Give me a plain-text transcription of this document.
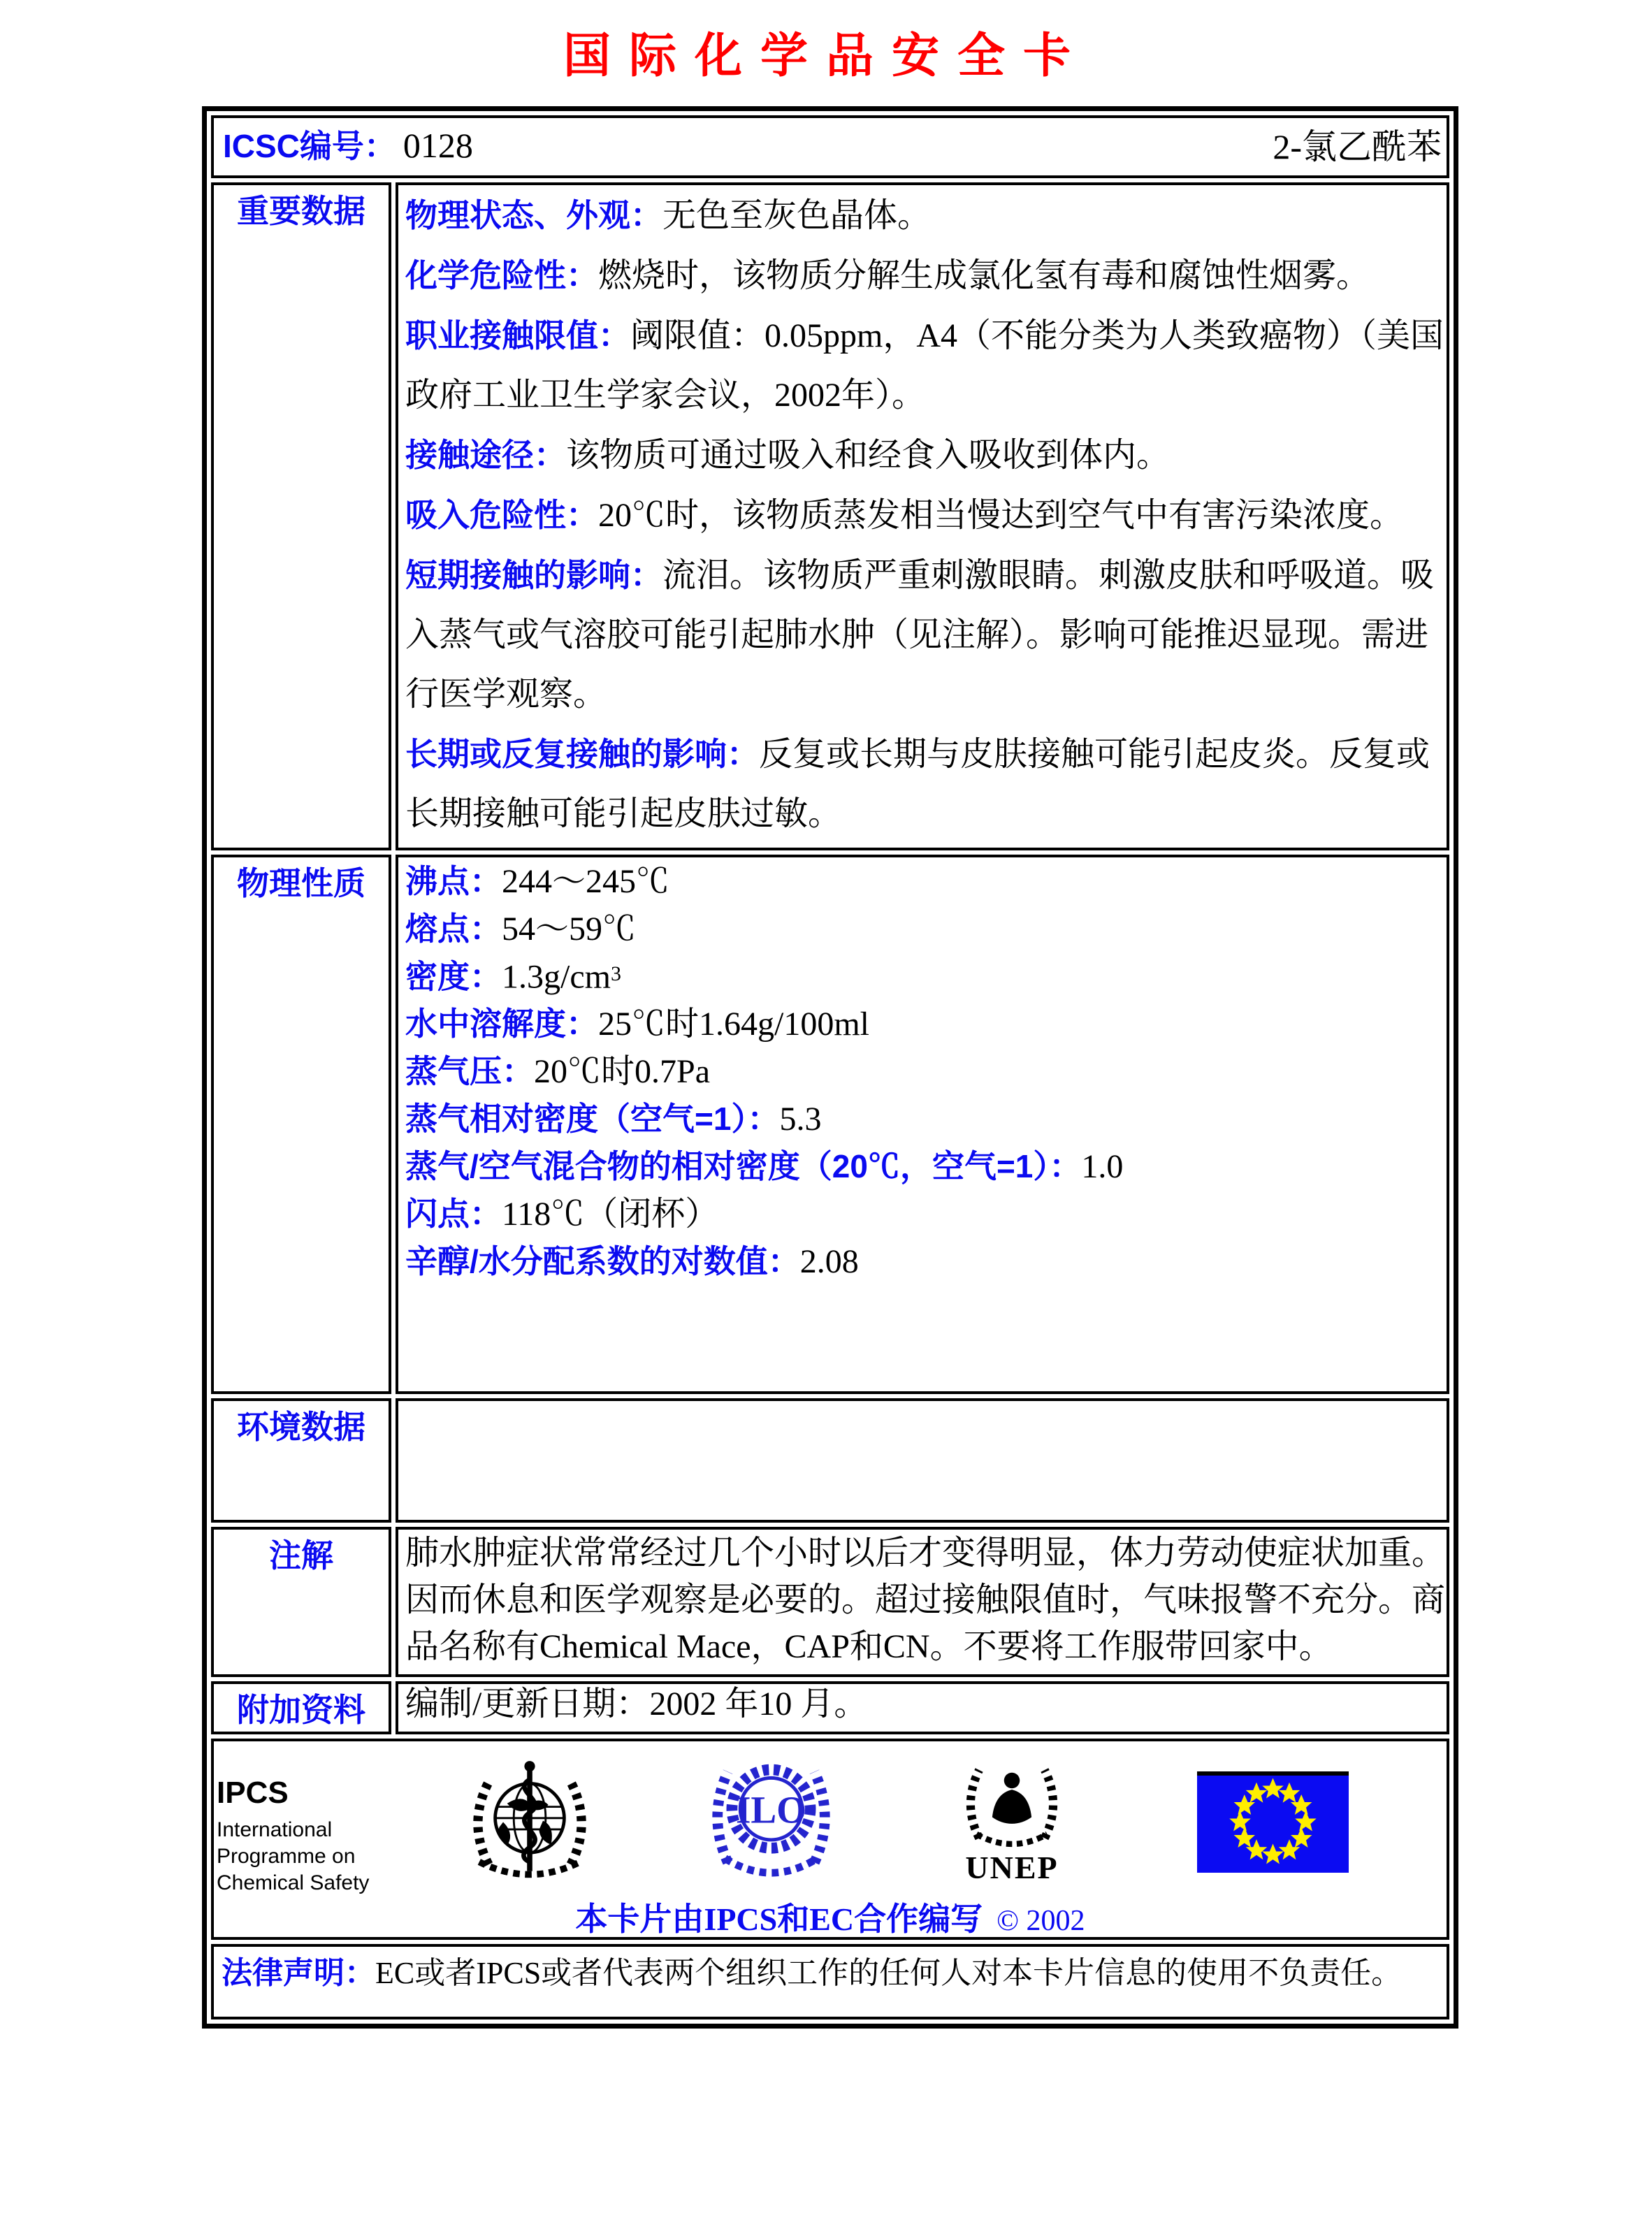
国际化学品安全卡
ICSC编号： 0128 2-氯乙酰苯	

重要数据	物理状态、外观：无色至灰色晶体。
化学危险性：燃烧时，该物质分解生成氯化氢有毒和腐蚀性烟雾。
职业接触限值：阈限值：0.05ppm，A4（不能分类为人类致癌物）（美国
政府工业卫生学家会议，2002年）。
接触途径：该物质可通过吸入和经食入吸收到体内。
吸入危险性：20℃时，该物质蒸发相当慢达到空气中有害污染浓度。
短期接触的影响：流泪。该物质严重刺激眼睛。刺激皮肤和呼吸道。吸
入蒸气或气溶胶可能引起肺水肿（见注解）。影响可能推迟显现。需进
行医学观察。
长期或反复接触的影响：反复或长期与皮肤接触可能引起皮炎。反复或
长期接触可能引起皮肤过敏。

物理性质	沸点：244～245℃
熔点：54～59℃
密度：$1.3g/cm^3$
水中溶解度：25℃时1.64g/100ml
蒸气压：20℃时0.7Pa
蒸气相对密度（空气=1）：5.3
蒸气/空气混合物的相对密度（20℃，空气=1）：1.0
闪点：118℃（闭杯）
辛醇/水分配系数的对数值：2.08

环境数据	
注解	肺水肿症状常常经过几个小时以后才变得明显，体力劳动使症状加重。
因而休息和医学观察是必要的。超过接触限值时，气味报警不充分。商
品名称有Chemical Mace，CAP和CN。不要将工作服带回家中。

附加资料	编制/更新日期：2002 年10 月。

IPCS
International
Programme on
Chemical Safety
ILO
UNEP
本卡片由IPCS和EC合作编写 © 2002

法律声明：EC或者IPCS或者代表两个组织工作的任何人对本卡片信息的使用不负责任。	
